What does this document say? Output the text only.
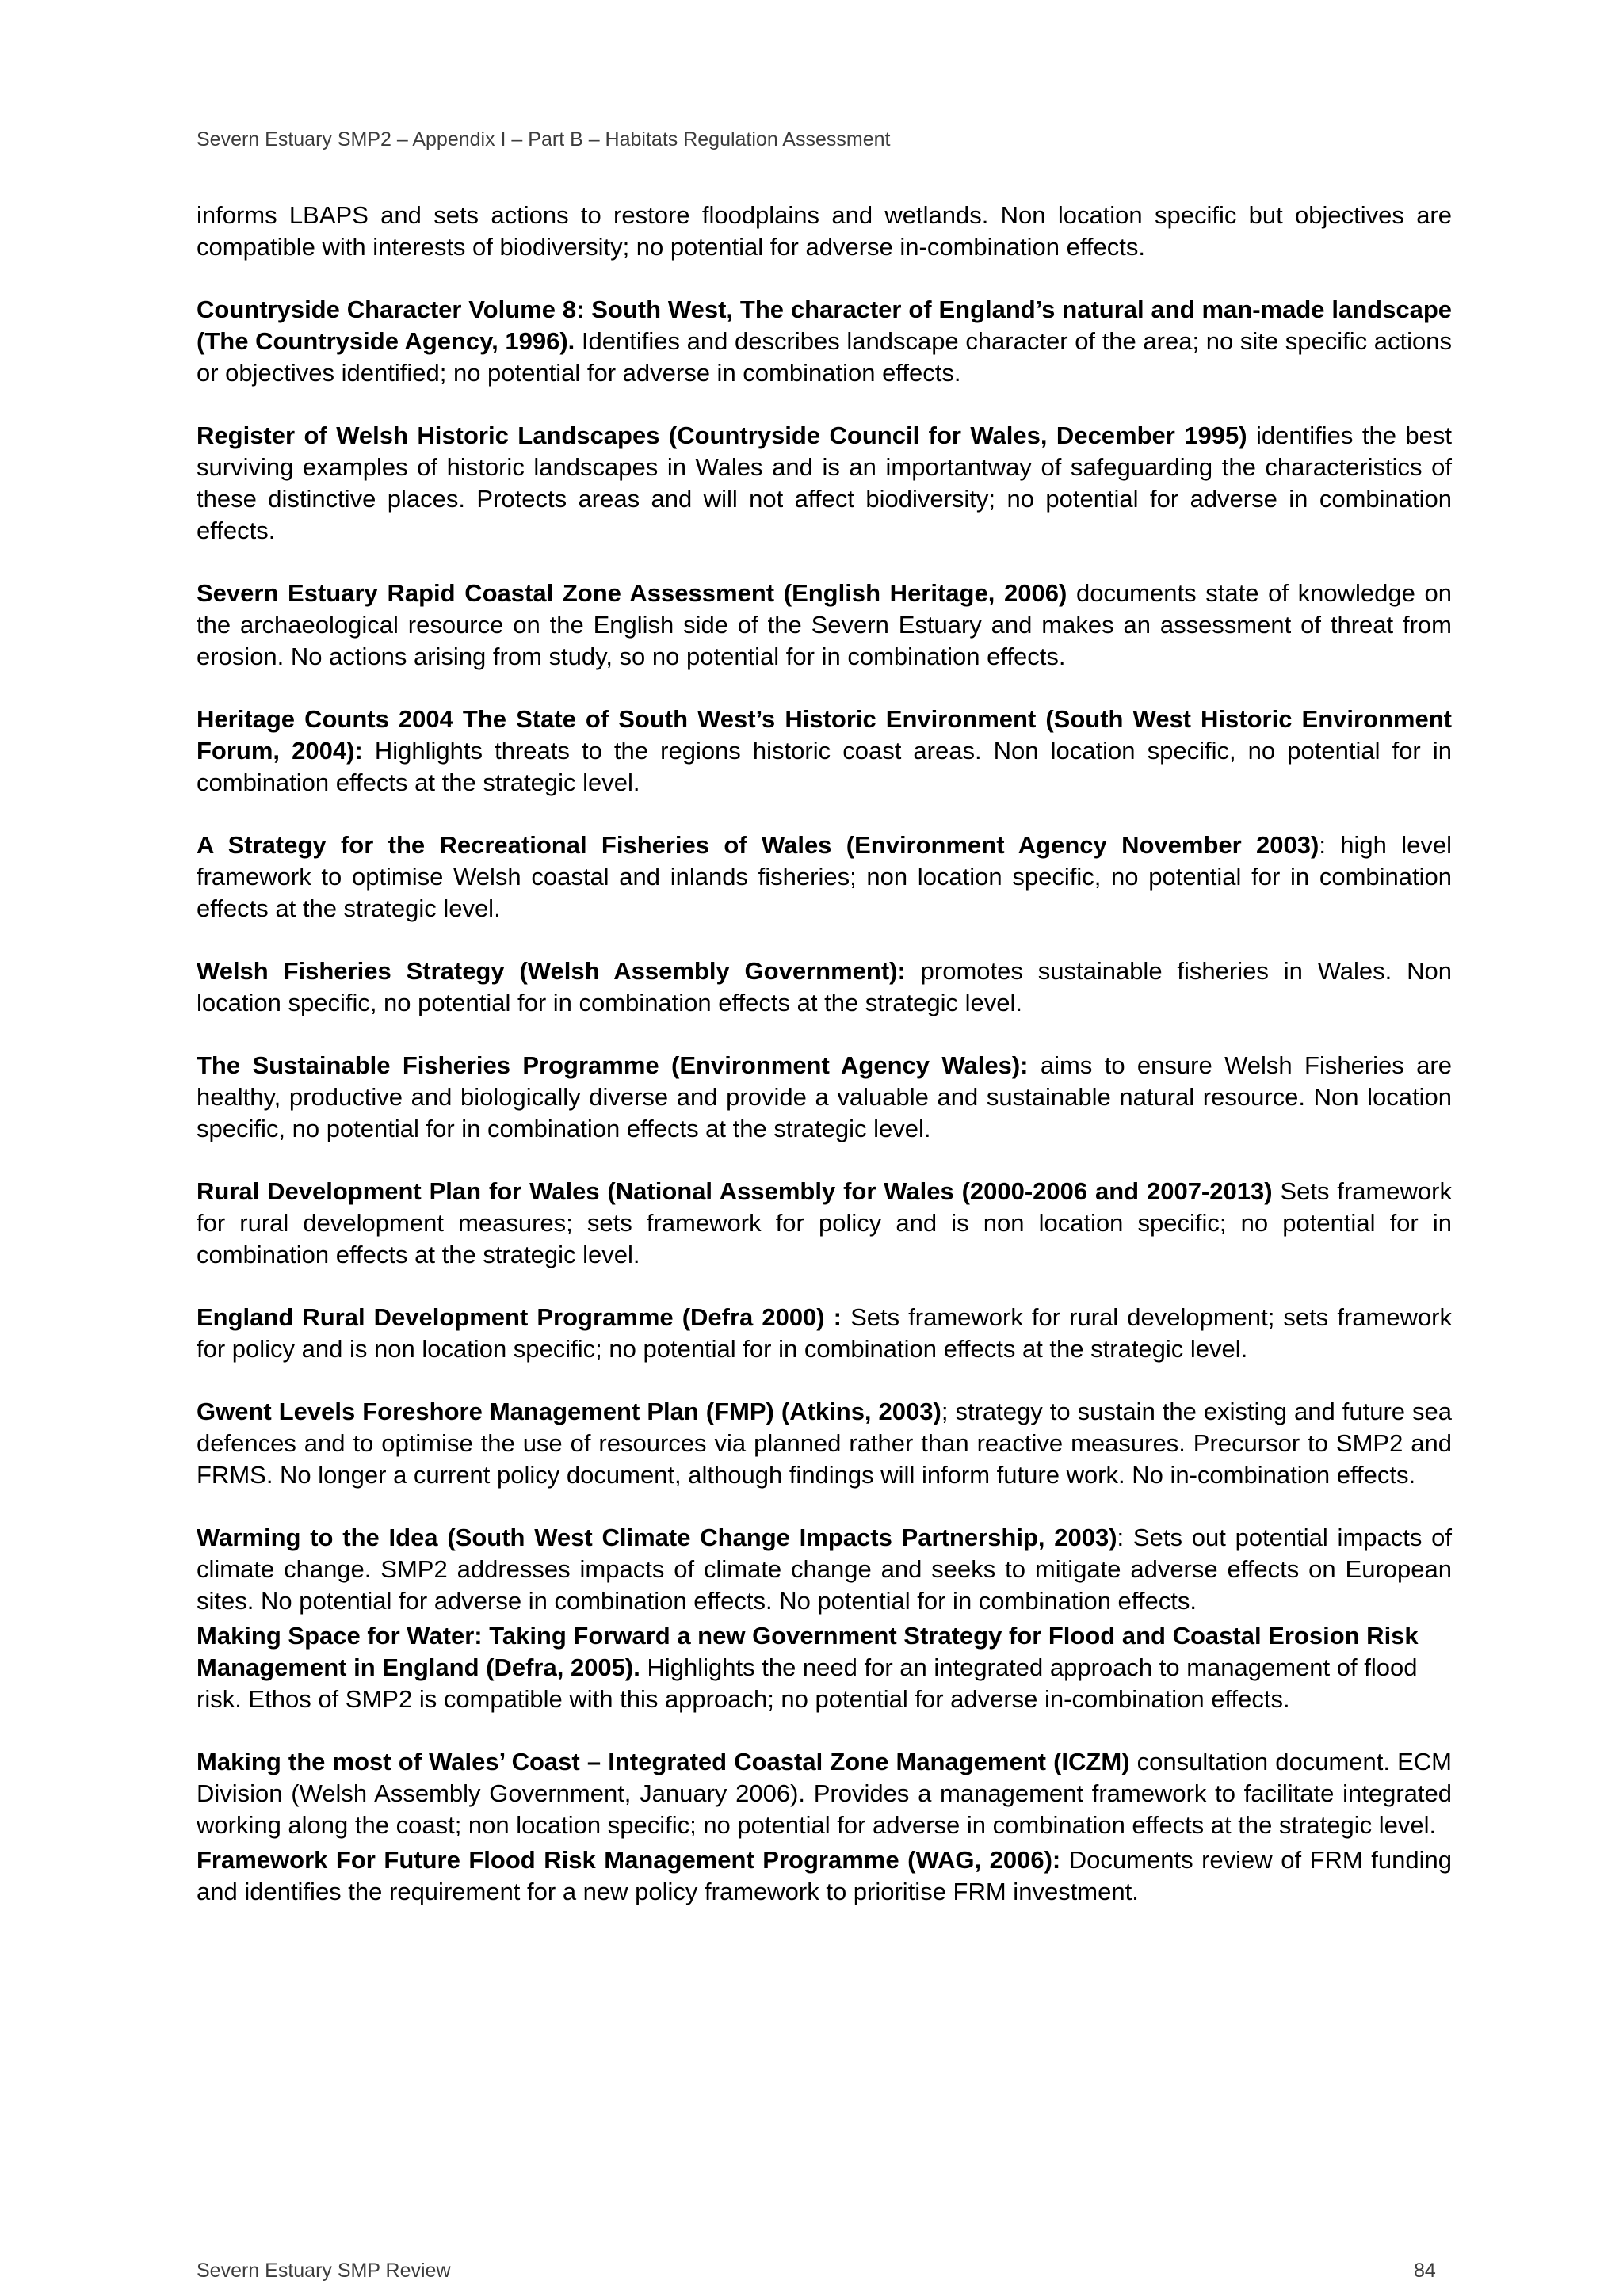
Severn Estuary SMP2 – Appendix I – Part B – Habitats Regulation Assessment

informs LBAPS and sets actions to restore floodplains and wetlands. Non location specific but objectives are compatible with interests of biodiversity; no potential for adverse in-combination effects.

Countryside Character Volume 8: South West, The character of England’s natural and man-made landscape (The Countryside Agency, 1996). Identifies and describes landscape character of the area; no site specific actions or objectives identified; no potential for adverse in combination effects.

Register of Welsh Historic Landscapes (Countryside Council for Wales, December 1995) identifies the best surviving examples of historic landscapes in Wales and is an importantway of safeguarding the characteristics of these distinctive places. Protects areas and will not affect biodiversity; no potential for adverse in combination effects.

Severn Estuary Rapid Coastal Zone Assessment (English Heritage, 2006) documents state of knowledge on the archaeological resource on the English side of the Severn Estuary and makes an assessment of threat from erosion. No actions arising from study, so no potential for in combination effects.

Heritage Counts 2004 The State of South West’s Historic Environment (South West Historic Environment Forum, 2004): Highlights threats to the regions historic coast areas. Non location specific, no potential for in combination effects at the strategic level.

A Strategy for the Recreational Fisheries of Wales (Environment Agency November 2003): high level framework to optimise Welsh coastal and inlands fisheries; non location specific, no potential for in combination effects at the strategic level.

Welsh Fisheries Strategy (Welsh Assembly Government): promotes sustainable fisheries in Wales. Non location specific, no potential for in combination effects at the strategic level.

The Sustainable Fisheries Programme (Environment Agency Wales): aims to ensure Welsh Fisheries are healthy, productive and biologically diverse and provide a valuable and sustainable natural resource. Non location specific, no potential for in combination effects at the strategic level.

Rural Development Plan for Wales (National Assembly for Wales (2000-2006 and 2007-2013) Sets framework for rural development measures; sets framework for policy and is non location specific; no potential for in combination effects at the strategic level.

England Rural Development Programme (Defra 2000) : Sets framework for rural development; sets framework for policy and is non location specific; no potential for in combination effects at the strategic level.

Gwent Levels Foreshore Management Plan (FMP) (Atkins, 2003); strategy to sustain the existing and future sea defences and to optimise the use of resources via planned rather than reactive measures. Precursor to SMP2 and FRMS. No longer a current policy document, although findings will inform future work. No in-combination effects.

Warming to the Idea (South West Climate Change Impacts Partnership, 2003): Sets out potential impacts of climate change. SMP2 addresses impacts of climate change and seeks to mitigate adverse effects on European sites. No potential for adverse in combination effects. No potential for in combination effects.

Making Space for Water: Taking Forward a new Government Strategy for Flood and Coastal Erosion Risk Management in England (Defra, 2005). Highlights the need for an integrated approach to management of flood risk. Ethos of SMP2 is compatible with this approach; no potential for adverse in-combination effects.

Making the most of Wales’ Coast – Integrated Coastal Zone Management (ICZM) consultation document. ECM Division (Welsh Assembly Government, January 2006). Provides a management framework to facilitate integrated working along the coast; non location specific; no potential for adverse in combination effects at the strategic level.

Framework For Future Flood Risk Management Programme (WAG, 2006): Documents review of FRM funding and identifies the requirement for a new policy framework to prioritise FRM investment.

Severn Estuary SMP Review	84
